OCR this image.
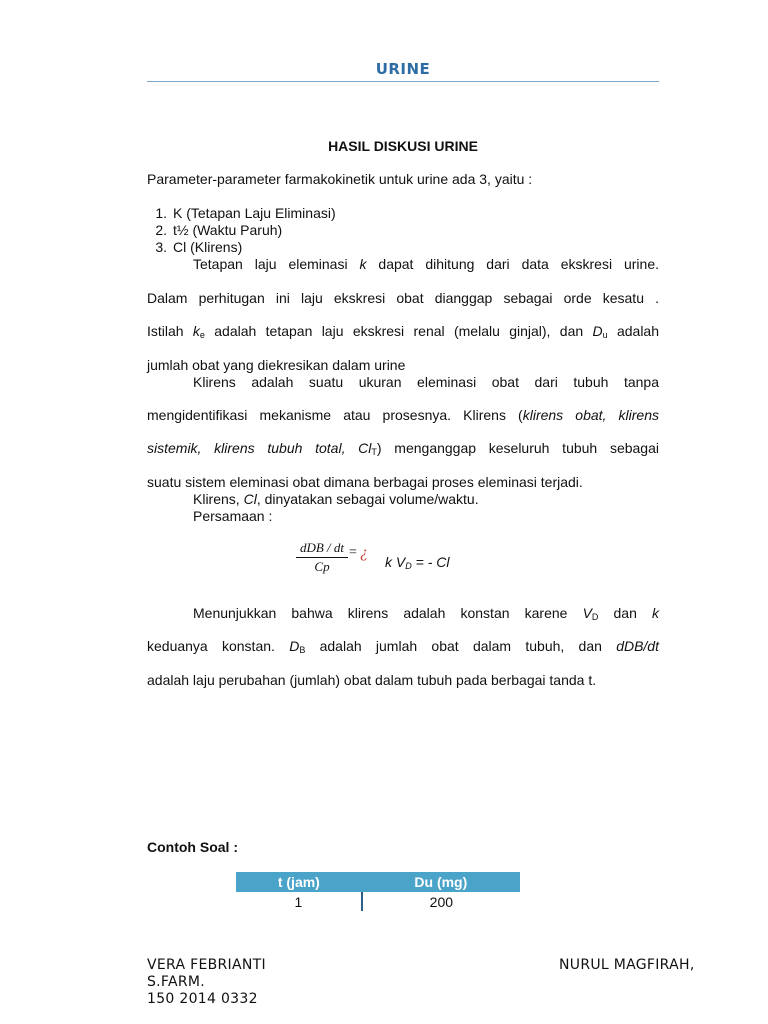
URINE
HASIL DISKUSI URINE
Parameter-parameter farmakokinetik untuk urine ada 3, yaitu :
1. K (Tetapan Laju Eliminasi)
2. t½ (Waktu Paruh)
3. Cl (Klirens)
Tetapan laju eleminasi k dapat dihitung dari data ekskresi urine.
Dalam perhitugan ini laju ekskresi obat dianggap sebagai orde kesatu .
Istilah $k_e$ adalah tetapan laju ekskresi renal (melalu ginjal), dan $D_u$ adalah
jumlah obat yang diekresikan dalam urine
Klirens adalah suatu ukuran eleminasi obat dari tubuh tanpa
mengidentifikasi mekanisme atau prosesnya. Klirens (klirens obat, klirens
sistemik, klirens tubuh total, $Cl_T$) menganggap keseluruh tubuh sebagai
suatu sistem eleminasi obat dimana berbagai proses eleminasi terjadi.
Klirens, Cl, dinyatakan sebagai volume/waktu.
Persamaan :
dDB / dt
Cp
= ¿
k $V_D$ = - Cl
Menunjukkan bahwa klirens adalah konstan karene $V_D$ dan k
keduanya konstan. $D_B$ adalah jumlah obat dalam tubuh, dan dDB/dt
adalah laju perubahan (jumlah) obat dalam tubuh pada berbagai tanda t.
Contoh Soal :
t (jam)	Du (mg)
1	200
VERA FEBRIANTI
S.FARM.
150 2014 0332
NURUL MAGFIRAH,
